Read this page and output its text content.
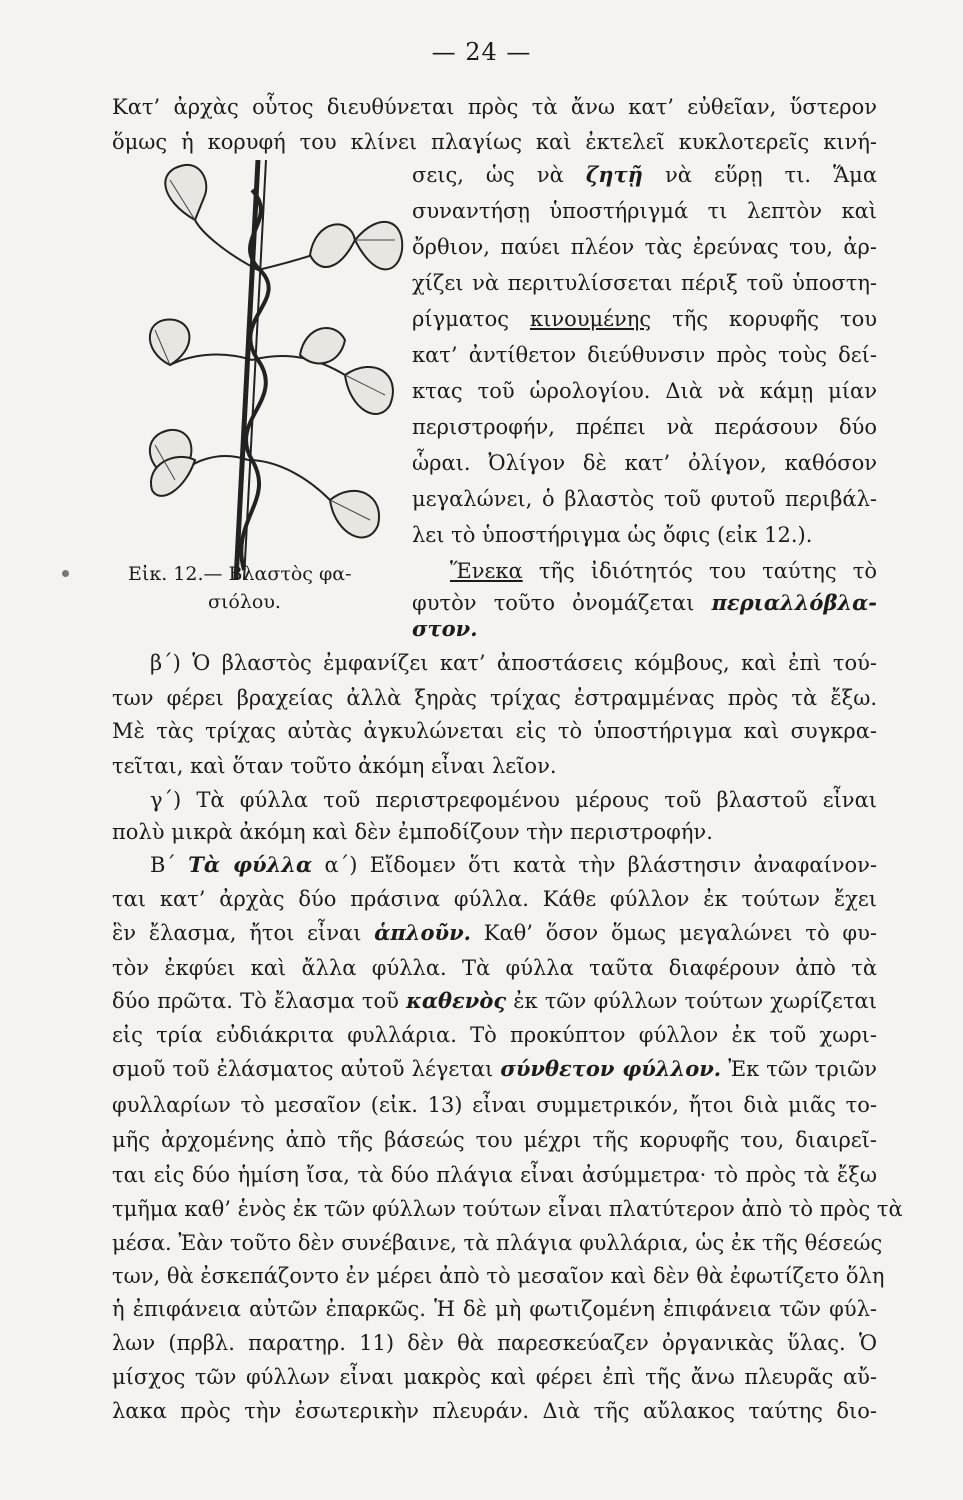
— 24 —
Εἰκ. 12.— Βλαστὸς φα-
σιόλου.
Κατ’ ἀρχὰς οὗτος διευθύνεται πρὸς τὰ ἄνω κατ’ εὐθεῖαν, ὕστερον
ὅμως ἡ κορυφή του κλίνει πλαγίως καὶ ἐκτελεῖ κυκλοτερεῖς κινή-
σεις, ὡς νὰ ζητῇ νὰ εὕρῃ τι. Ἅμα
συναντήσῃ ὑποστήριγμά τι λεπτὸν καὶ
ὄρθιον, παύει πλέον τὰς ἐρεύνας του, ἀρ-
χίζει νὰ περιτυλίσσεται πέριξ τοῦ ὑποστη-
ρίγματος κινουμένης τῆς κορυφῆς του
κατ’ ἀντίθετον διεύθυνσιν πρὸς τοὺς δεί-
κτας τοῦ ὡρολογίου. Διὰ νὰ κάμῃ μίαν
περιστροφήν, πρέπει νὰ περάσουν δύο
ὧραι. Ὀλίγον δὲ κατ’ ὀλίγον, καθόσον
μεγαλώνει, ὁ βλαστὸς τοῦ φυτοῦ περιβάλ-
λει τὸ ὑποστήριγμα ὡς ὄφις (εἰκ 12.).
Ἕνεκα τῆς ἰδιότητός του ταύτης τὸ
φυτὸν τοῦτο ὀνομάζεται περιαλλόβλα-
στον.
β΄) Ὁ βλαστὸς ἐμφανίζει κατ’ ἀποστάσεις κόμβους, καὶ ἐπὶ τού-
των φέρει βραχείας ἀλλὰ ξηρὰς τρίχας ἐστραμμένας πρὸς τὰ ἔξω.
Μὲ τὰς τρίχας αὐτὰς ἀγκυλώνεται εἰς τὸ ὑποστήριγμα καὶ συγκρα-
τεῖται, καὶ ὅταν τοῦτο ἀκόμη εἶναι λεῖον.
γ΄) Τὰ φύλλα τοῦ περιστρεφομένου μέρους τοῦ βλαστοῦ εἶναι
πολὺ μικρὰ ἀκόμη καὶ δὲν ἐμποδίζουν τὴν περιστροφήν.
Β΄ Τὰ φύλλα α΄) Εἴδομεν ὅτι κατὰ τὴν βλάστησιν ἀναφαίνον-
ται κατ’ ἀρχὰς δύο πράσινα φύλλα. Κάθε φύλλον ἐκ τούτων ἔχει
ἓν ἔλασμα, ἤτοι εἶναι ἁπλοῦν. Καθ’ ὅσον ὅμως μεγαλώνει τὸ φυ-
τὸν ἐκφύει καὶ ἄλλα φύλλα. Τὰ φύλλα ταῦτα διαφέρουν ἀπὸ τὰ
δύο πρῶτα. Τὸ ἔλασμα τοῦ καθενὸς ἐκ τῶν φύλλων τούτων χωρίζεται
εἰς τρία εὐδιάκριτα φυλλάρια. Τὸ προκύπτον φύλλον ἐκ τοῦ χωρι-
σμοῦ τοῦ ἐλάσματος αὐτοῦ λέγεται σύνθετον φύλλον. Ἐκ τῶν τριῶν
φυλλαρίων τὸ μεσαῖον (εἰκ. 13) εἶναι συμμετρικόν, ἤτοι διὰ μιᾶς το-
μῆς ἀρχομένης ἀπὸ τῆς βάσεώς του μέχρι τῆς κορυφῆς του, διαιρεῖ-
ται εἰς δύο ἡμίση ἴσα, τὰ δύο πλάγια εἶναι ἀσύμμετρα· τὸ πρὸς τὰ ἔξω
τμῆμα καθ’ ἑνὸς ἐκ τῶν φύλλων τούτων εἶναι πλατύτερον ἀπὸ τὸ πρὸς τὰ
μέσα. Ἐὰν τοῦτο δὲν συνέβαινε, τὰ πλάγια φυλλάρια, ὡς ἐκ τῆς θέσεώς
των, θὰ ἐσκεπάζοντο ἐν μέρει ἀπὸ τὸ μεσαῖον καὶ δὲν θὰ ἐφωτίζετο ὅλη
ἡ ἐπιφάνεια αὐτῶν ἐπαρκῶς. Ἡ δὲ μὴ φωτιζομένη ἐπιφάνεια τῶν φύλ-
λων (πρβλ. παρατηρ. 11) δὲν θὰ παρεσκεύαζεν ὀργανικὰς ὕλας. Ὁ
μίσχος τῶν φύλλων εἶναι μακρὸς καὶ φέρει ἐπὶ τῆς ἄνω πλευρᾶς αὔ-
λακα πρὸς τὴν ἐσωτερικὴν πλευράν. Διὰ τῆς αὔλακος ταύτης διο-
